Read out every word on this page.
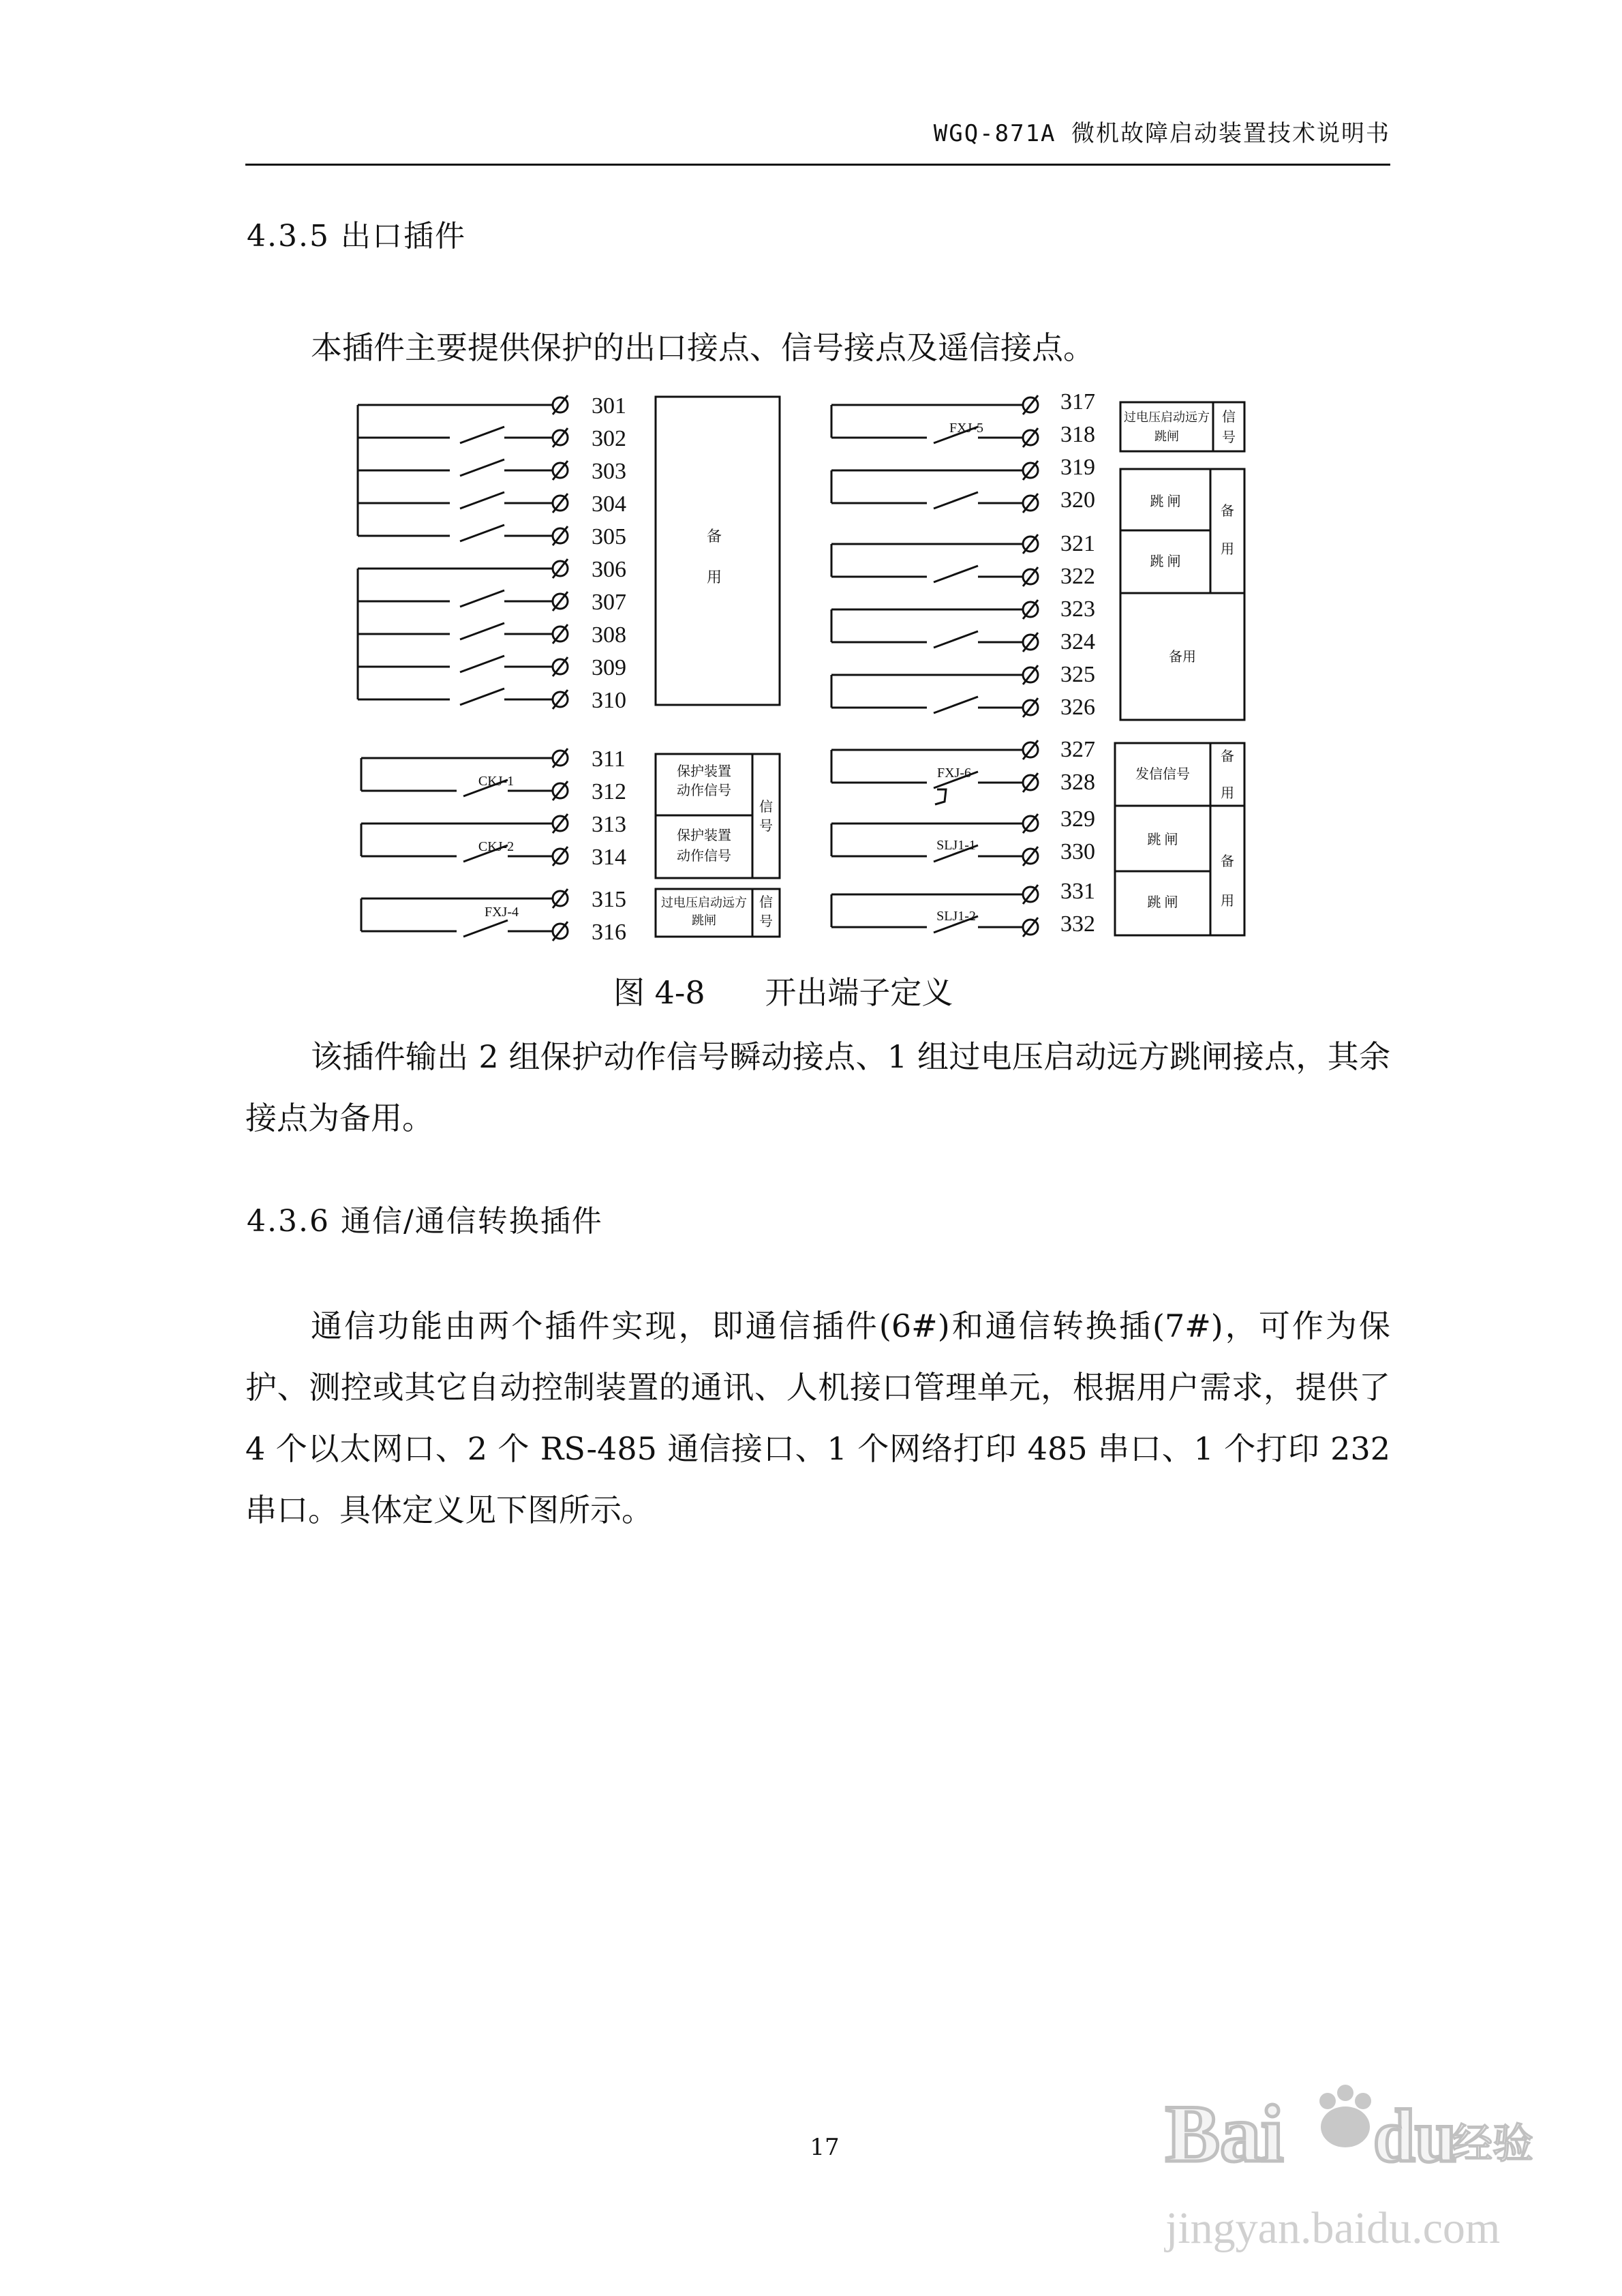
WGQ-871A 微机故障启动装置技术说明书
4.3.5 出口插件

本插件主要提供保护的出口接点、信号接点及遥信接点。

301
302
303
304
305
306
307
308
309
310
311
312
313
314
315
316
317
318
319
320
321
322
323
324
325
326
327
328
329
330
331
332
CKJ-1
CKJ-2
FXJ-4
FXJ-5
FXJ-6
SLJ1-1
SLJ1-2
备
用
保护装置
动作信号
保护装置
动作信号
信
号
过电压启动远方
跳闸
信
号
过电压启动远方
跳闸
信
号
跳 闸
跳 闸
备
用
备用
发信信号
备
用
跳 闸
跳 闸
备
用
图 4-8      开出端子定义

该插件输出 2 组保护动作信号瞬动接点、1 组过电压启动远方跳闸接点，其余接点为备用。

4.3.6 通信/通信转换插件

通信功能由两个插件实现，即通信插件(6#)和通信转换插(7#)，可作为保护、测控或其它自动控制装置的通讯、人机接口管理单元，根据用户需求，提供了 4 个以太网口、2 个 RS-485 通信接口、1 个网络打印 485 串口、1 个打印 232 串口。具体定义见下图所示。

17	Bai du
经验
jingyan.baidu.com
